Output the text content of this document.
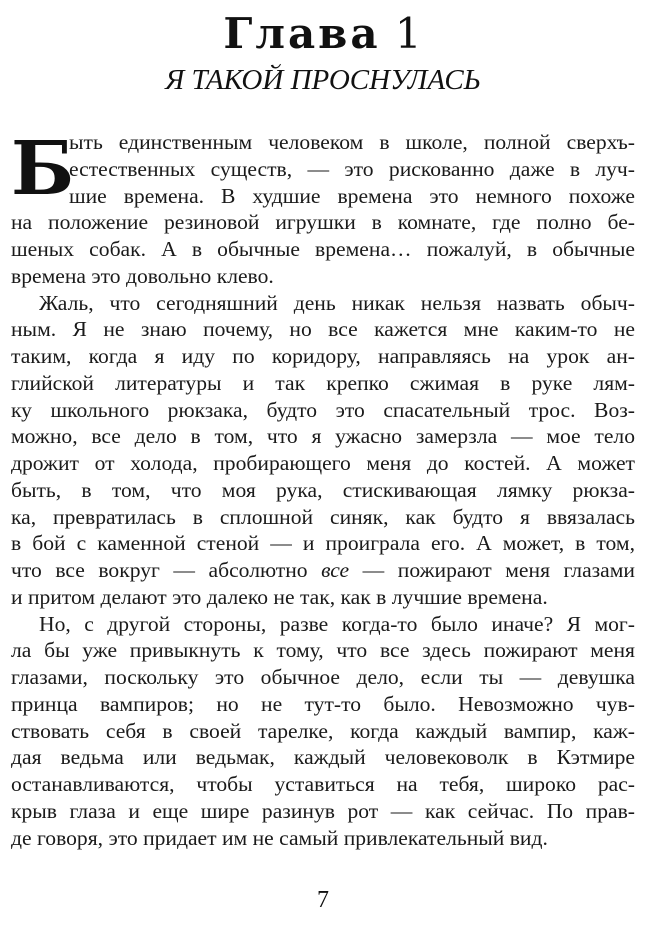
Глава 1
Я ТАКОЙ ПРОСНУЛАСЬ
Б
ыть единственным человеком в школе, полной сверхъ-
естественных существ, — это рискованно даже в луч-
шие времена. В худшие времена это немного похоже
на положение резиновой игрушки в комнате, где полно бе-
шеных собак. А в обычные времена… пожалуй, в обычные
времена это довольно клево.
Жаль, что сегодняшний день никак нельзя назвать обыч-
ным. Я не знаю почему, но все кажется мне каким-то не
таким, когда я иду по коридору, направляясь на урок ан-
глийской литературы и так крепко сжимая в руке лям-
ку школьного рюкзака, будто это спасательный трос. Воз-
можно, все дело в том, что я ужасно замерзла — мое тело
дрожит от холода, пробирающего меня до костей. А может
быть, в том, что моя рука, стискивающая лямку рюкза-
ка, превратилась в сплошной синяк, как будто я ввязалась
в бой с каменной стеной — и проиграла его. А может, в том,
что все вокруг — абсолютно все — пожирают меня глазами
и притом делают это далеко не так, как в лучшие времена.
Но, с другой стороны, разве когда-то было иначе? Я мог-
ла бы уже привыкнуть к тому, что все здесь пожирают меня
глазами, поскольку это обычное дело, если ты — девушка
принца вампиров; но не тут-то было. Невозможно чув-
ствовать себя в своей тарелке, когда каждый вампир, каж-
дая ведьма или ведьмак, каждый человековолк в Кэтмире
останавливаются, чтобы уставиться на тебя, широко рас-
крыв глаза и еще шире разинув рот — как сейчас. По прав-
де говоря, это придает им не самый привлекательный вид.
7
